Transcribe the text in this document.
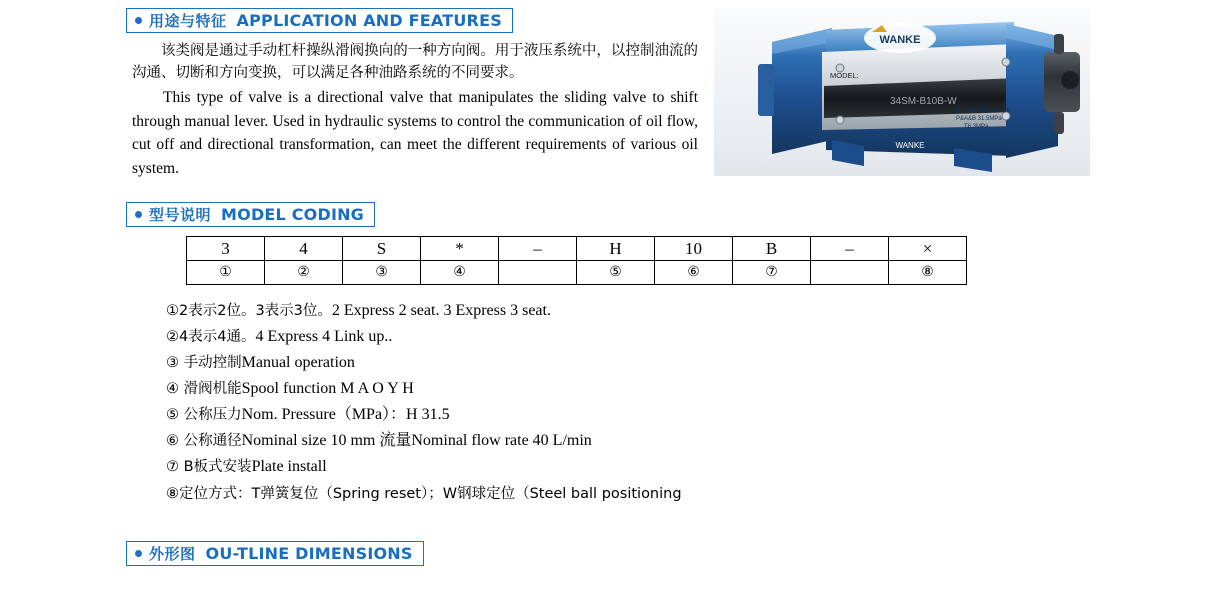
用途与特征 APPLICATION AND FEATURES

该类阀是通过手动杠杆操纵滑阀换向的一种方向阀。用于液压系统中，以控制油流的沟通、切断和方向变换，可以满足各种油路系统的不同要求。

This type of valve is a directional valve that manipulates the sliding valve to shift through manual lever. Used in hydraulic systems to control the communication of oil flow, cut off and directional transformation, can meet the different requirements of various oil system.

WANKE
MODEL:
34SM-B10B-W
RATED PRESSURE
P&A&B 31.5MPa
T6.3MPa
WANKE
HYDRAULIC HUAIAN
型号说明 MODEL CODING
3	4	S	*	–	H	10	B	–	×
①	②	③	④		⑤	⑥	⑦		⑧
①2表示2位。3表示3位。2 Express 2 seat. 3 Express 3 seat.
②4表示4通。4 Express 4 Link up..
③ 手动控制Manual operation
④ 滑阀机能Spool function M A O Y H
⑤ 公称压力Nom. Pressure（MPa）：H 31.5
⑥ 公称通径Nominal size 10 mm 流量Nominal flow rate 40 L/min
⑦ B板式安装Plate install
⑧定位方式：T弹簧复位（Spring reset）；W钢球定位（Steel ball positioning
外形图 OU-TLINE DIMENSIONS
